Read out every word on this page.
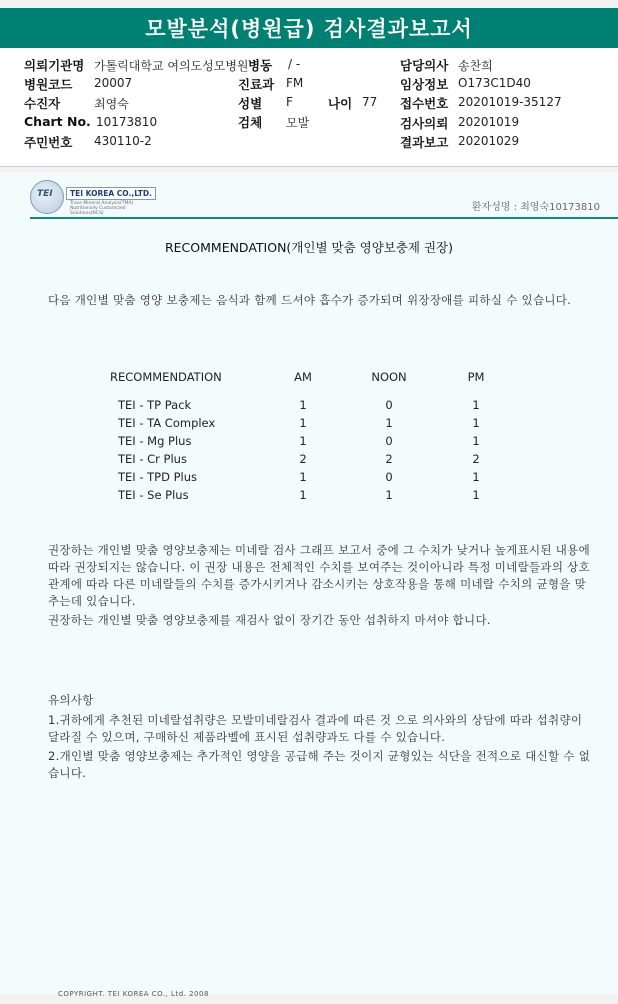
모발분석(병원급) 검사결과보고서
의뢰기관명 가톨릭대학교 여의도성모병원 병동 / -	담당의사 송찬희
병원코드 20007	진료과 FM	임상정보 O173C1D40
수진자	최영숙	성별 F	나이 77 접수번호 20201019-35127
Chart No. 10173810	검체 모발	검사의뢰 20201019
주민번호 430110-2	결과보고 20201029
TEI	TEI KOREA CO.,LTD.
Trace Mineral Analysis(TMA) Nutritionally Customized Solutions(NCS)
환자성명 : 최영숙10173810
RECOMMENDATION(개인별 맞춤 영양보충제 권장)
다음 개인별 맞춤 영양 보충제는 음식과 함께 드셔야 흡수가 증가되며 위장장애를 피하실 수 있습니다.
RECOMMENDATION	AM	NOON	PM
TEI - TP Pack	1	0	1
TEI - TA Complex	1	1	1
TEI - Mg Plus	1	0	1
TEI - Cr Plus	2	2	2
TEI - TPD Plus	1	0	1
TEI - Se Plus	1	1	1
권장하는 개인별 맞춤 영양보충제는 미네랄 검사 그래프 보고서 중에 그 수치가 낮거나 높게표시된 내용에 따라 권장되지는 않습니다. 이 권장 내용은 전체적인 수치를 보여주는 것이아니라 특정 미네랄들과의 상호관계에 따라 다른 미네랄들의 수치를 증가시키거나 감소시키는 상호작용을 통해 미네랄 수치의 균형을 맞추는데 있습니다.
권장하는 개인별 맞춤 영양보충제를 재검사 없이 장기간 동안 섭취하지 마셔야 합니다.
유의사항
1.귀하에게 추천된 미네랄섭취량은 모발미네랄검사 결과에 따른 것 으로 의사와의 상담에 따라 섭취량이 달라질 수 있으며, 구매하신 제품라벨에 표시된 섭취량과도 다를 수 있습니다.
2.개인별 맞춤 영양보충제는 추가적인 영양을 공급해 주는 것이지 균형있는 식단을 전적으로 대신할 수 없습니다.
COPYRIGHT. TEI KOREA CO., Ltd. 2008
